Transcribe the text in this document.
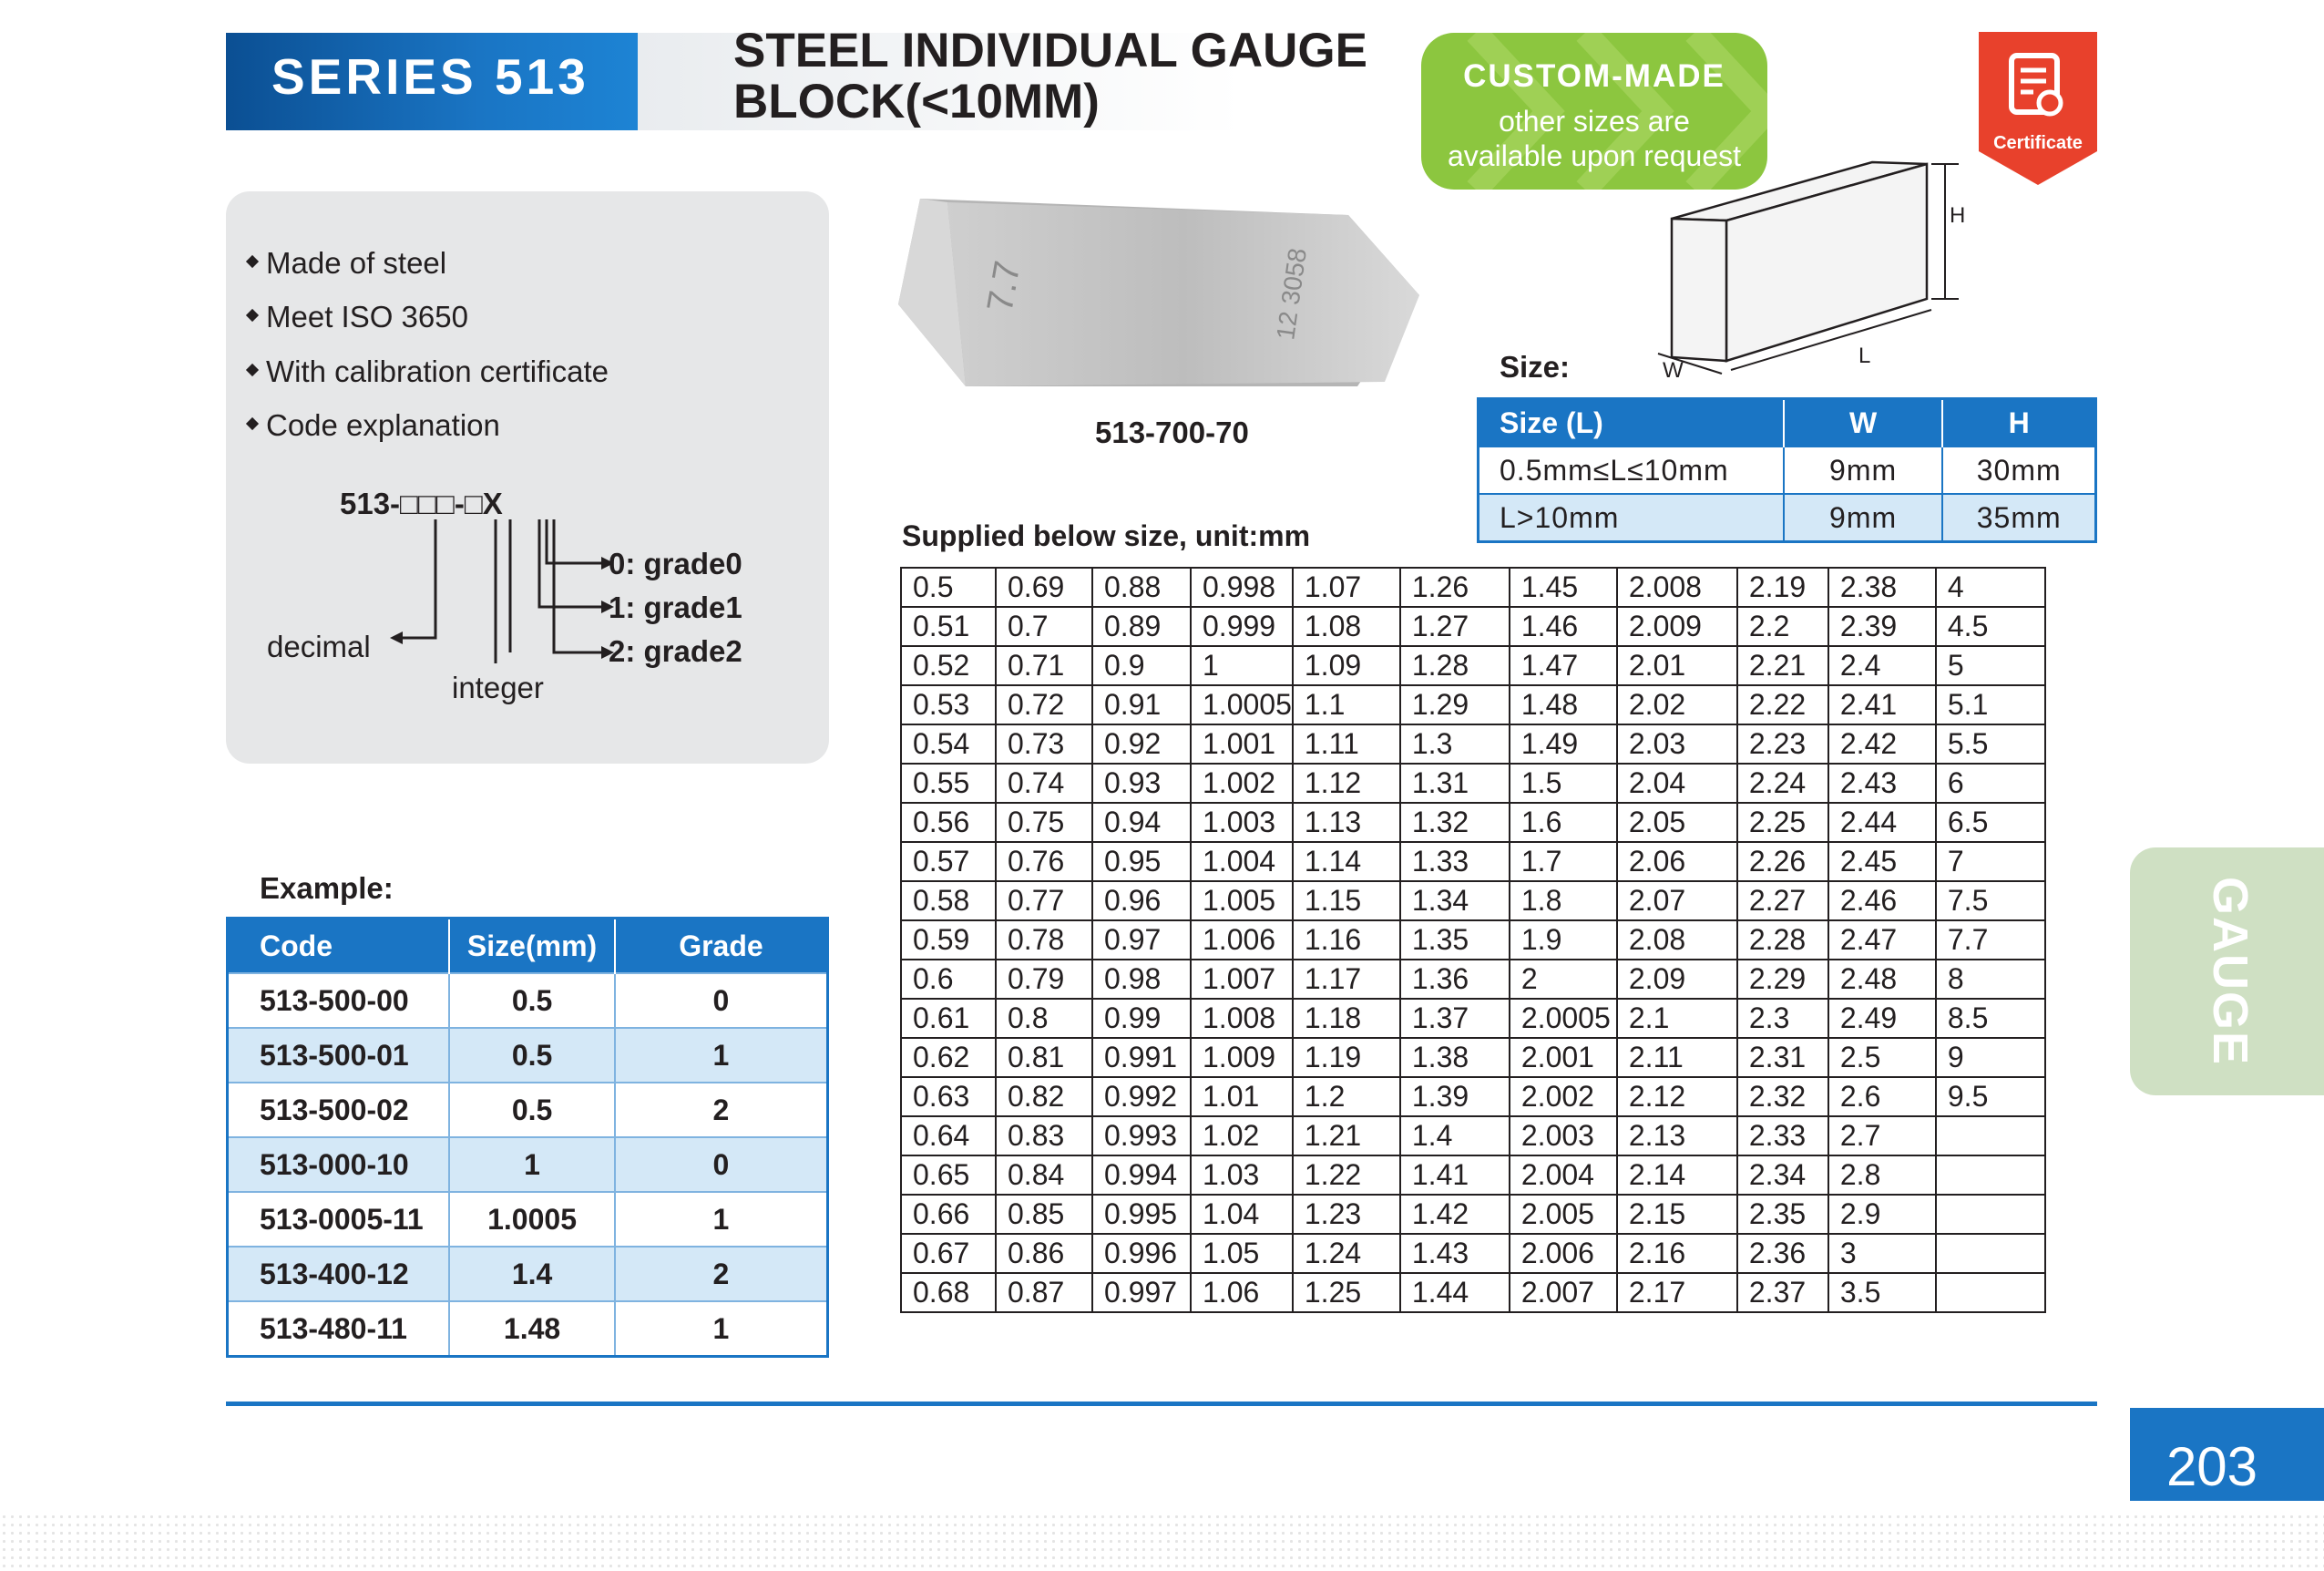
SERIES 513	STEEL INDIVIDUAL GAUGE
BLOCK(<10MM)	CUSTOM-MADE
other sizes are available upon request	Certificate
Made of steel
Meet ISO 3650
With calibration certificate
Code explanation
513-□□□-□X
0: grade0
1: grade1
2: grade2
decimal
integer
7.7	12 3058
513-700-70
Size:
H
L
W
Size (L)	W	H
0.5mm≤L≤10mm	9mm	30mm
L>10mm	9mm	35mm
Supplied below size, unit:mm
0.5	0.69	0.88	0.998	1.07	1.26	1.45	2.008	2.19	2.38	4
0.51	0.7	0.89	0.999	1.08	1.27	1.46	2.009	2.2	2.39	4.5
0.52	0.71	0.9	1	1.09	1.28	1.47	2.01	2.21	2.4	5
0.53	0.72	0.91	1.0005	1.1	1.29	1.48	2.02	2.22	2.41	5.1
0.54	0.73	0.92	1.001	1.11	1.3	1.49	2.03	2.23	2.42	5.5
0.55	0.74	0.93	1.002	1.12	1.31	1.5	2.04	2.24	2.43	6
0.56	0.75	0.94	1.003	1.13	1.32	1.6	2.05	2.25	2.44	6.5
0.57	0.76	0.95	1.004	1.14	1.33	1.7	2.06	2.26	2.45	7
0.58	0.77	0.96	1.005	1.15	1.34	1.8	2.07	2.27	2.46	7.5
0.59	0.78	0.97	1.006	1.16	1.35	1.9	2.08	2.28	2.47	7.7
0.6	0.79	0.98	1.007	1.17	1.36	2	2.09	2.29	2.48	8
0.61	0.8	0.99	1.008	1.18	1.37	2.0005	2.1	2.3	2.49	8.5
0.62	0.81	0.991	1.009	1.19	1.38	2.001	2.11	2.31	2.5	9
0.63	0.82	0.992	1.01	1.2	1.39	2.002	2.12	2.32	2.6	9.5
0.64	0.83	0.993	1.02	1.21	1.4	2.003	2.13	2.33	2.7	
0.65	0.84	0.994	1.03	1.22	1.41	2.004	2.14	2.34	2.8	
0.66	0.85	0.995	1.04	1.23	1.42	2.005	2.15	2.35	2.9	
0.67	0.86	0.996	1.05	1.24	1.43	2.006	2.16	2.36	3	
0.68	0.87	0.997	1.06	1.25	1.44	2.007	2.17	2.37	3.5	
Example:
Code	Size(mm)	Grade
513-500-00	0.5	0
513-500-01	0.5	1
513-500-02	0.5	2
513-000-10	1	0
513-0005-11	1.0005	1
513-400-12	1.4	2
513-480-11	1.48	1
GAUGE
203
